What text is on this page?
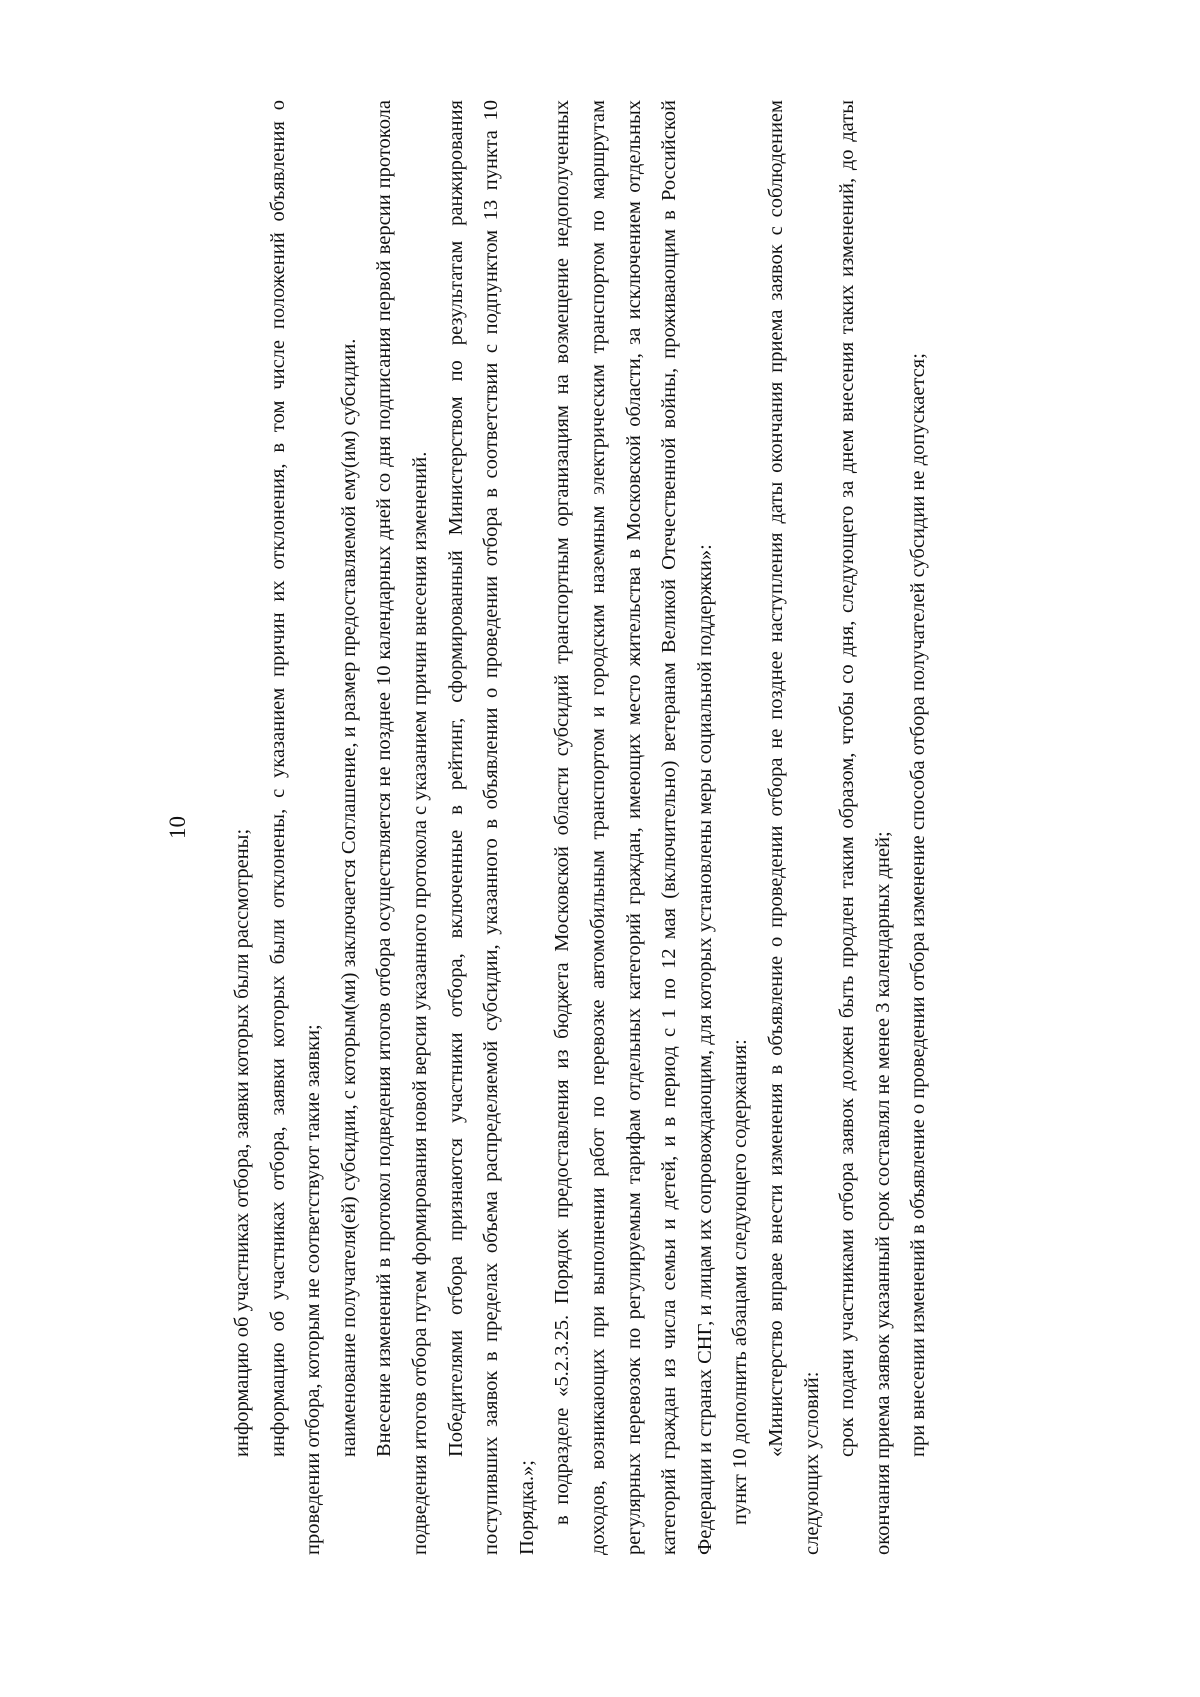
10

информацию об участниках отбора, заявки которых были рассмотрены; информацию об участниках отбора, заявки которых были отклонены, с указанием причин их отклонения, в том числе положений объявления о проведении отбора, которым не соответствуют такие заявки; наименование получателя(ей) субсидии, с которым(ми) заключается Соглашение, и размер предоставляемой ему(им) субсидии. Внесение изменений в протокол подведения итогов отбора осуществляется не позднее 10 календарных дней со дня подписания первой версии протокола подведения итогов отбора путем формирования новой версии указанного протокола с указанием причин внесения изменений. Победителями отбора признаются участники отбора, включенные в рейтинг, сформированный Министерством по результатам ранжирования поступивших заявок в пределах объема распределяемой субсидии, указанного в объявлении о проведении отбора в соответствии с подпунктом 13 пункта 10 Порядка.»; в подразделе «5.2.3.25. Порядок предоставления из бюджета Московской области субсидий транспортным организациям на возмещение недополученных доходов, возникающих при выполнении работ по перевозке автомобильным транспортом и городским наземным электрическим транспортом по маршрутам регулярных перевозок по регулируемым тарифам отдельных категорий граждан, имеющих место жительства в Московской области, за исключением отдельных категорий граждан из числа семьи и детей, и в период с 1 по 12 мая (включительно) ветеранам Великой Отечественной войны, проживающим в Российской Федерации и странах СНГ, и лицам их сопровождающим, для которых установлены меры социальной поддержки»: пункт 10 дополнить абзацами следующего содержания: «Министерство вправе внести изменения в объявление о проведении отбора не позднее наступления даты окончания приема заявок с соблюдением следующих условий:

срок подачи участниками отбора заявок должен быть продлен таким образом, чтобы со дня, следующего за днем внесения таких изменений, до даты окончания приема заявок указанный срок составлял не менее 3 календарных дней; при внесении изменений в объявление о проведении отбора изменение способа отбора получателей субсидии не допускается;
